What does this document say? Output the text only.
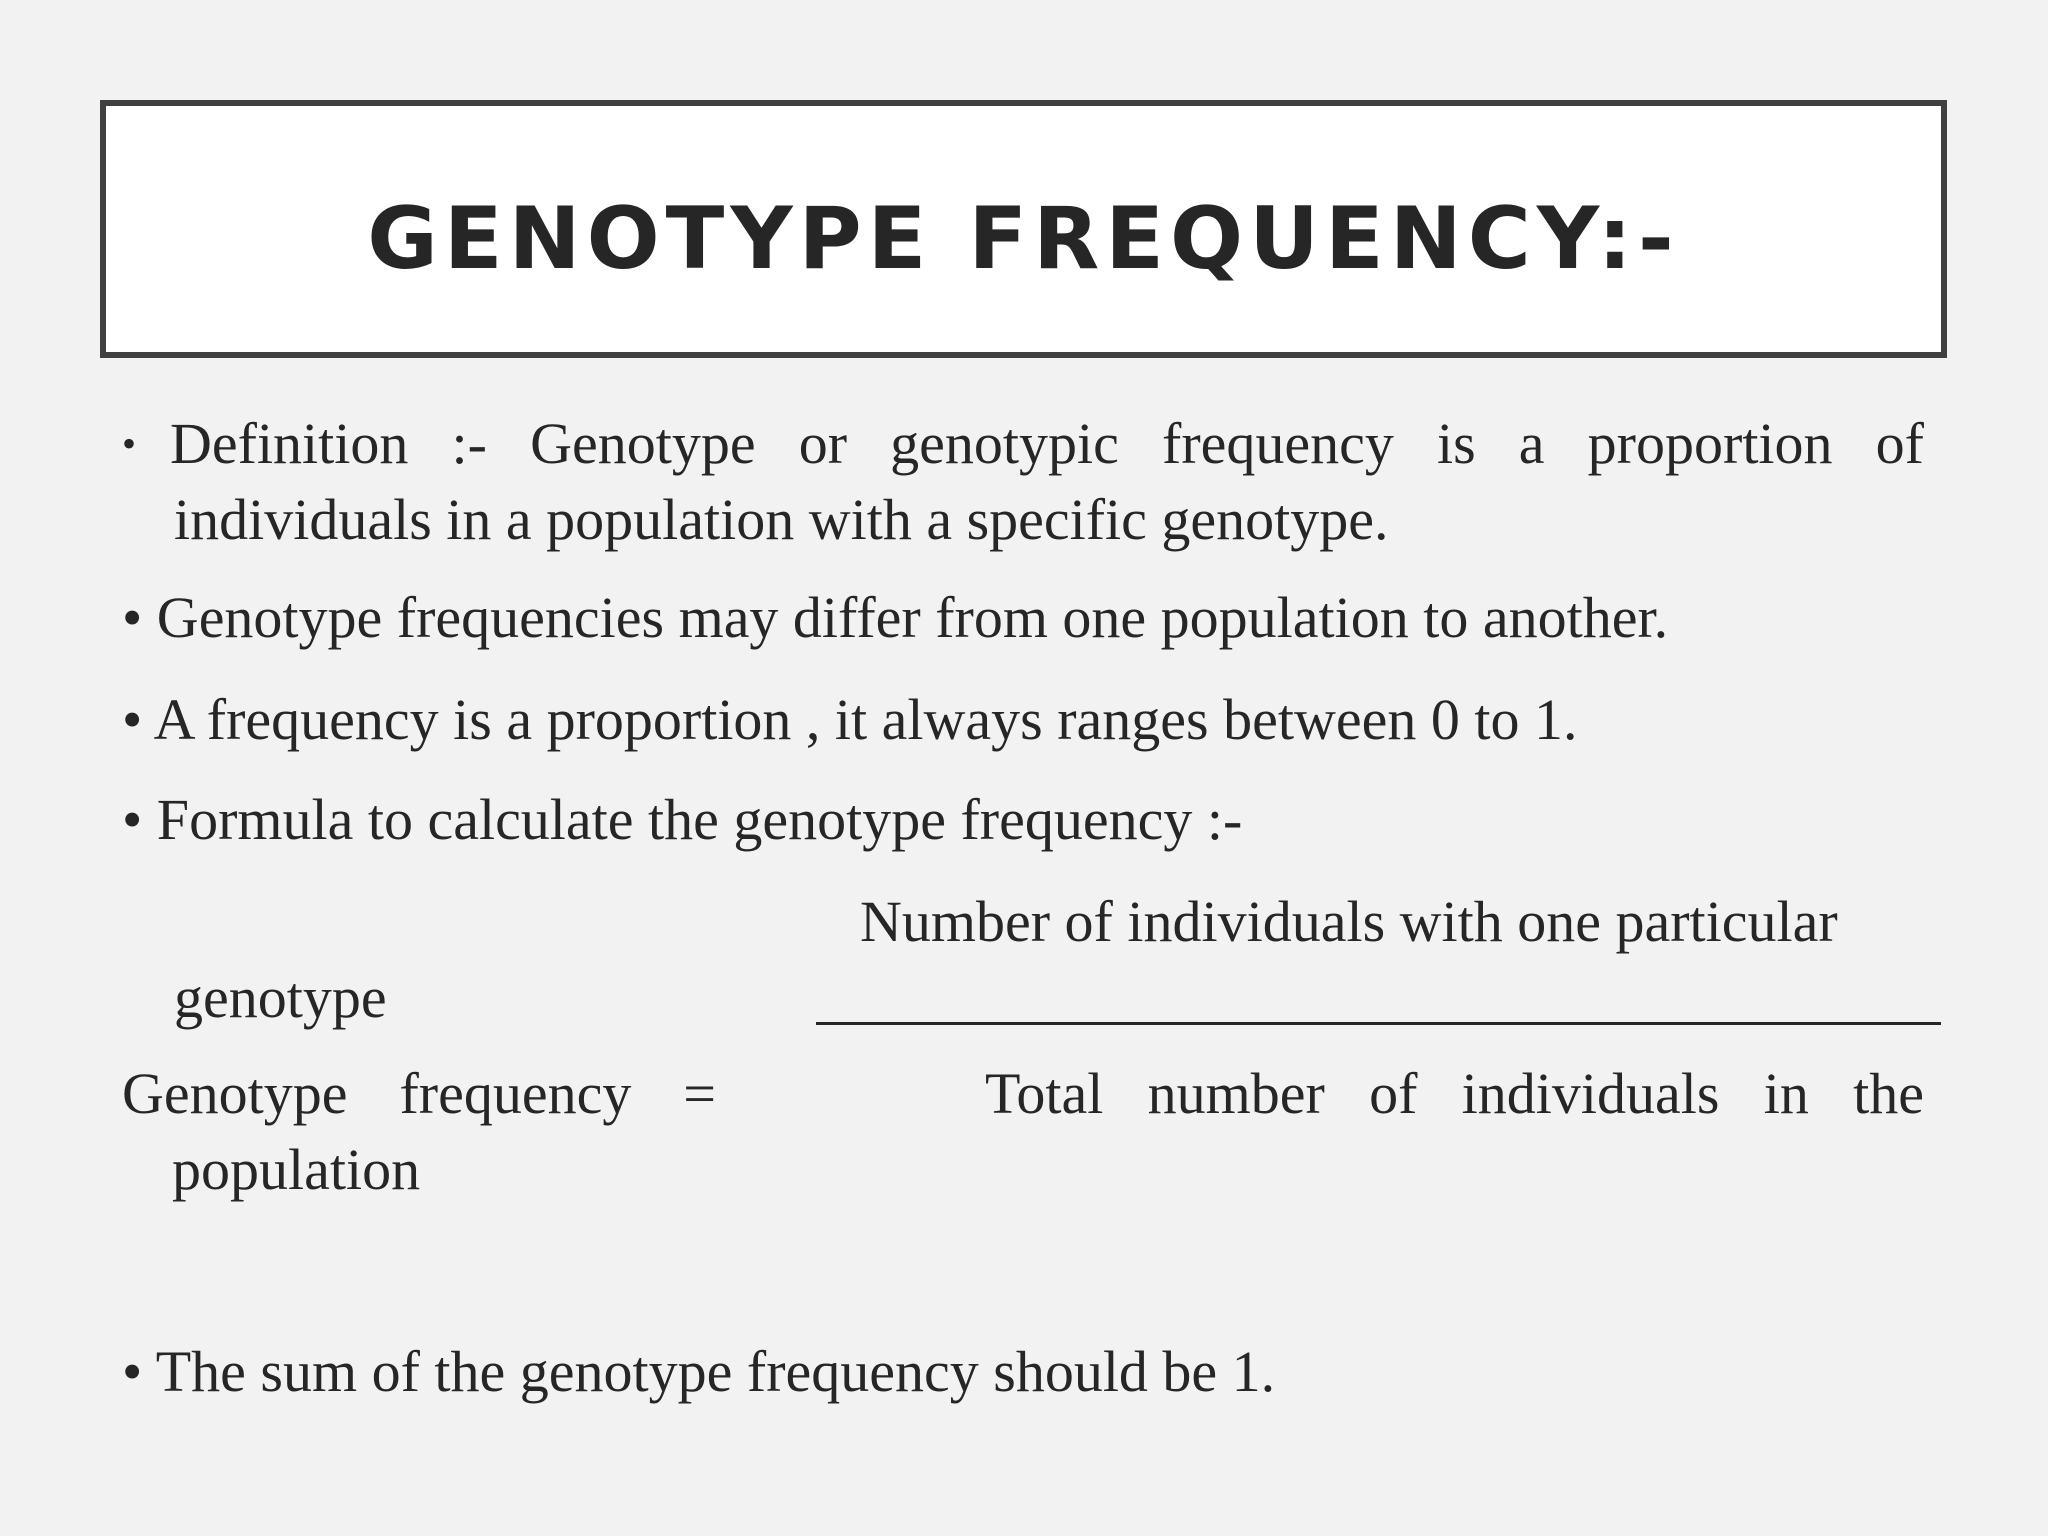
GENOTYPE FREQUENCY:-
• Definition :- Genotype or genotypic frequency is a proportion of
individuals in a population with a specific genotype.
• Genotype frequencies may differ from one population to another.
• A frequency is a proportion , it always ranges between 0 to 1.
• Formula to calculate the genotype frequency :-
Number of individuals with one particular
genotype
Genotype frequency =	Total number of individuals in the
population
• The sum of the genotype frequency should be 1.
